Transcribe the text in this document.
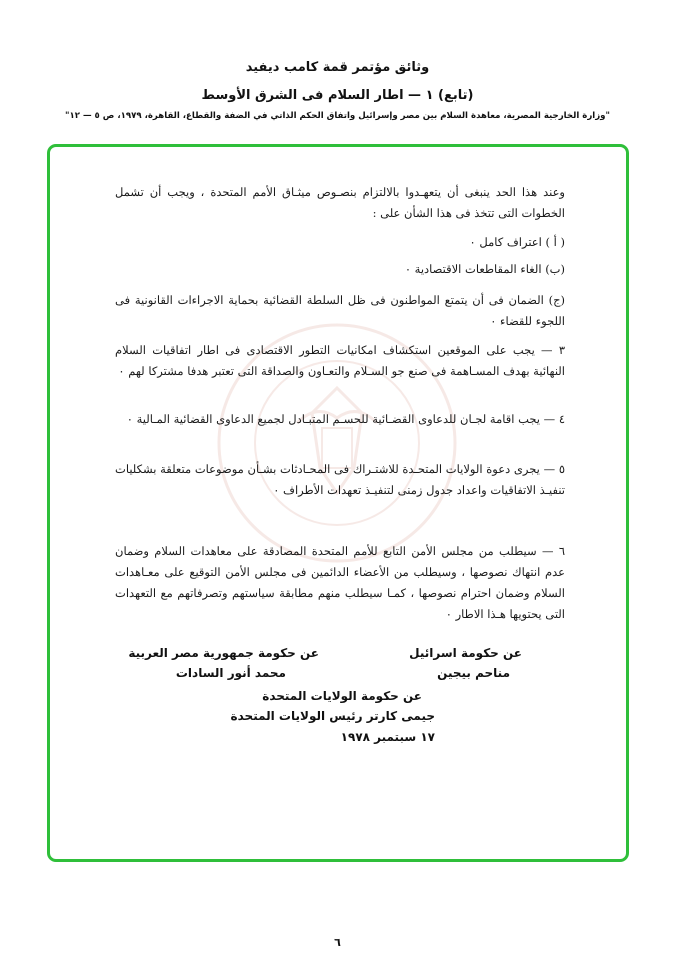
وثائق مؤتمر قمة كامب ديفيد
(تابع) ١ — اطار السلام فى الشرق الأوسط
"وزارة الخارجية المصرية، معاهدة السلام بين مصر وإسرائيل واتفاق الحكم الذاتي في الضفة والقطاع، القاهرة، ١٩٧٩، ص ٥ — ١٢"
وعند هذا الحد ينبغى أن يتعهـدوا بالالتزام بنصـوص ميثـاق الأمم المتحدة ، ويجب أن تشمل الخطوات التى تتخذ فى هذا الشأن على :
( أ ) اعتراف كامل ٠
(ب) الغاء المقاطعات الاقتصادية ٠
(ج) الضمان فى أن يتمتع المواطنون فى ظل السلطة القضائية بحماية الاجراءات القانونية فى اللجوء للقضاء ٠
٣ — يجب على الموقعين استكشاف امكانيات التطور الاقتصادى فى اطار اتفاقيات السلام النهائية بهدف المسـاهمة فى صنع جو السـلام والتعـاون والصداقة التى تعتبر هدفا مشتركا لهم ٠
٤ — يجب اقامة لجـان للدعاوى القضـائية للحسـم المتبـادل لجميع الدعاوى القضائية المـالية ٠
٥ — يجرى دعوة الولايات المتحـدة للاشتـراك فى المحـادثات بشـأن موضوعات متعلقة بشكليات تنفيـذ الاتفاقيات واعداد جدول زمنى لتنفيـذ تعهدات الأطراف ٠
٦ — سيطلب من مجلس الأمن التابع للأمم المتحدة المصادقة على معاهدات السلام وضمان عدم انتهاك نصوصها ، وسيطلب من الأعضاء الدائمين فى مجلس الأمن التوقيع على معـاهدات السلام وضمان احترام نصوصها ، كمـا سيطلب منهم مطابقة سياستهم وتصرفاتهم مع التعهدات التى يحتويها هـذا الاطار ٠
عن حكومة اسرائيل
مناحم بيجين
عن حكومة جمهورية مصر العربية
محمد أنور السادات
عن حكومة الولايات المتحدة
جيمى كارتر رئيس الولايات المتحدة
١٧ سبتمبر ١٩٧٨
٦
